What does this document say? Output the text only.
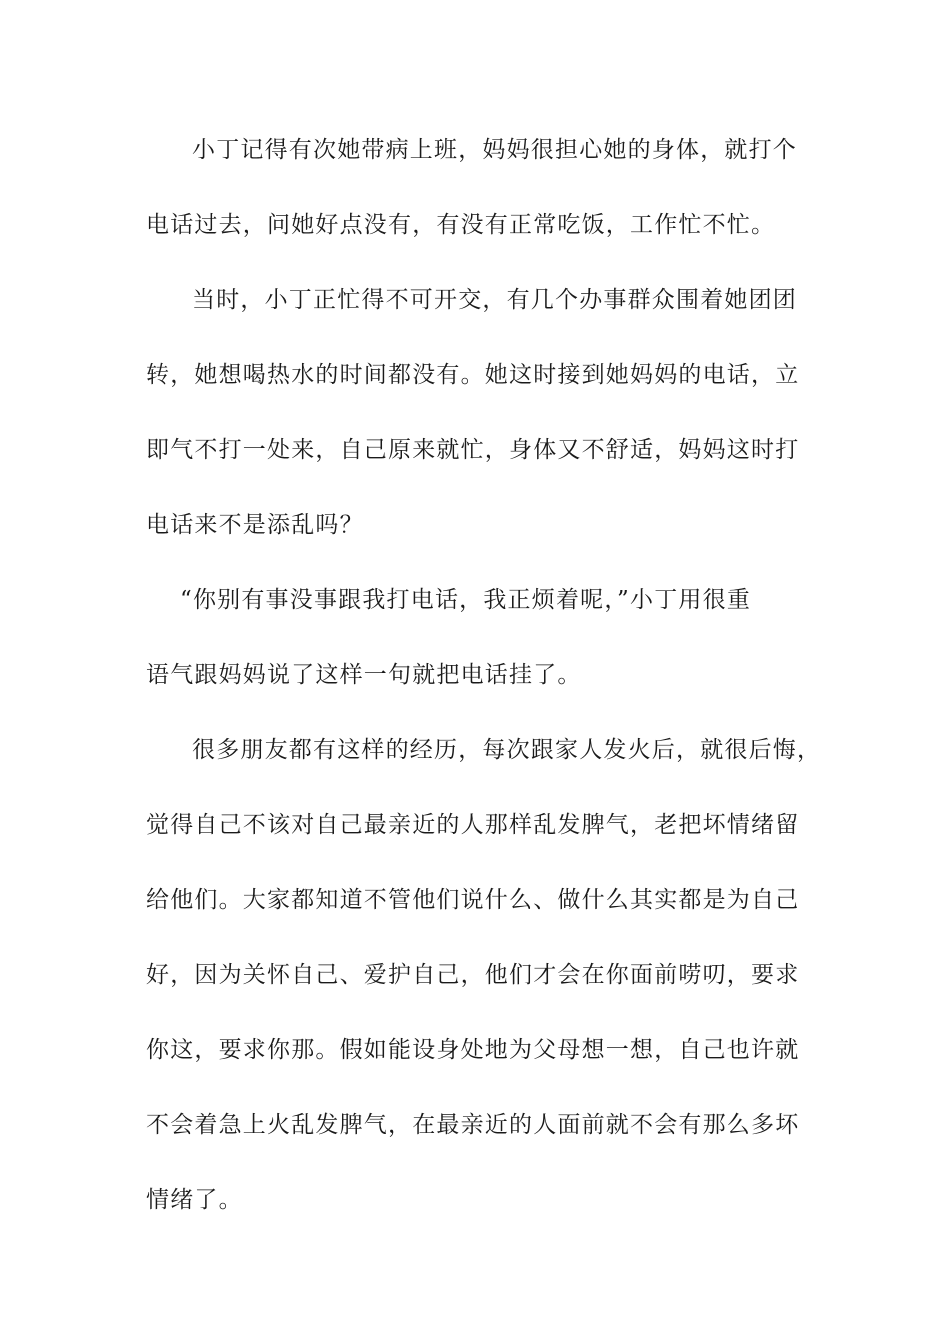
小丁记得有次她带病上班，妈妈很担心她的身体，就打个
电话过去，问她好点没有，有没有正常吃饭，工作忙不忙。
当时，小丁正忙得不可开交，有几个办事群众围着她团团
转，她想喝热水的时间都没有。她这时接到她妈妈的电话，立
即气不打一处来，自己原来就忙，身体又不舒适，妈妈这时打
电话来不是添乱吗？
“你别有事没事跟我打电话，我正烦着呢，”小丁用很重
语气跟妈妈说了这样一句就把电话挂了。
很多朋友都有这样的经历，每次跟家人发火后，就很后悔，
觉得自己不该对自己最亲近的人那样乱发脾气，老把坏情绪留
给他们。大家都知道不管他们说什么、做什么其实都是为自己
好，因为关怀自己、爱护自己，他们才会在你面前唠叨，要求
你这，要求你那。假如能设身处地为父母想一想，自己也许就
不会着急上火乱发脾气，在最亲近的人面前就不会有那么多坏
情绪了。
